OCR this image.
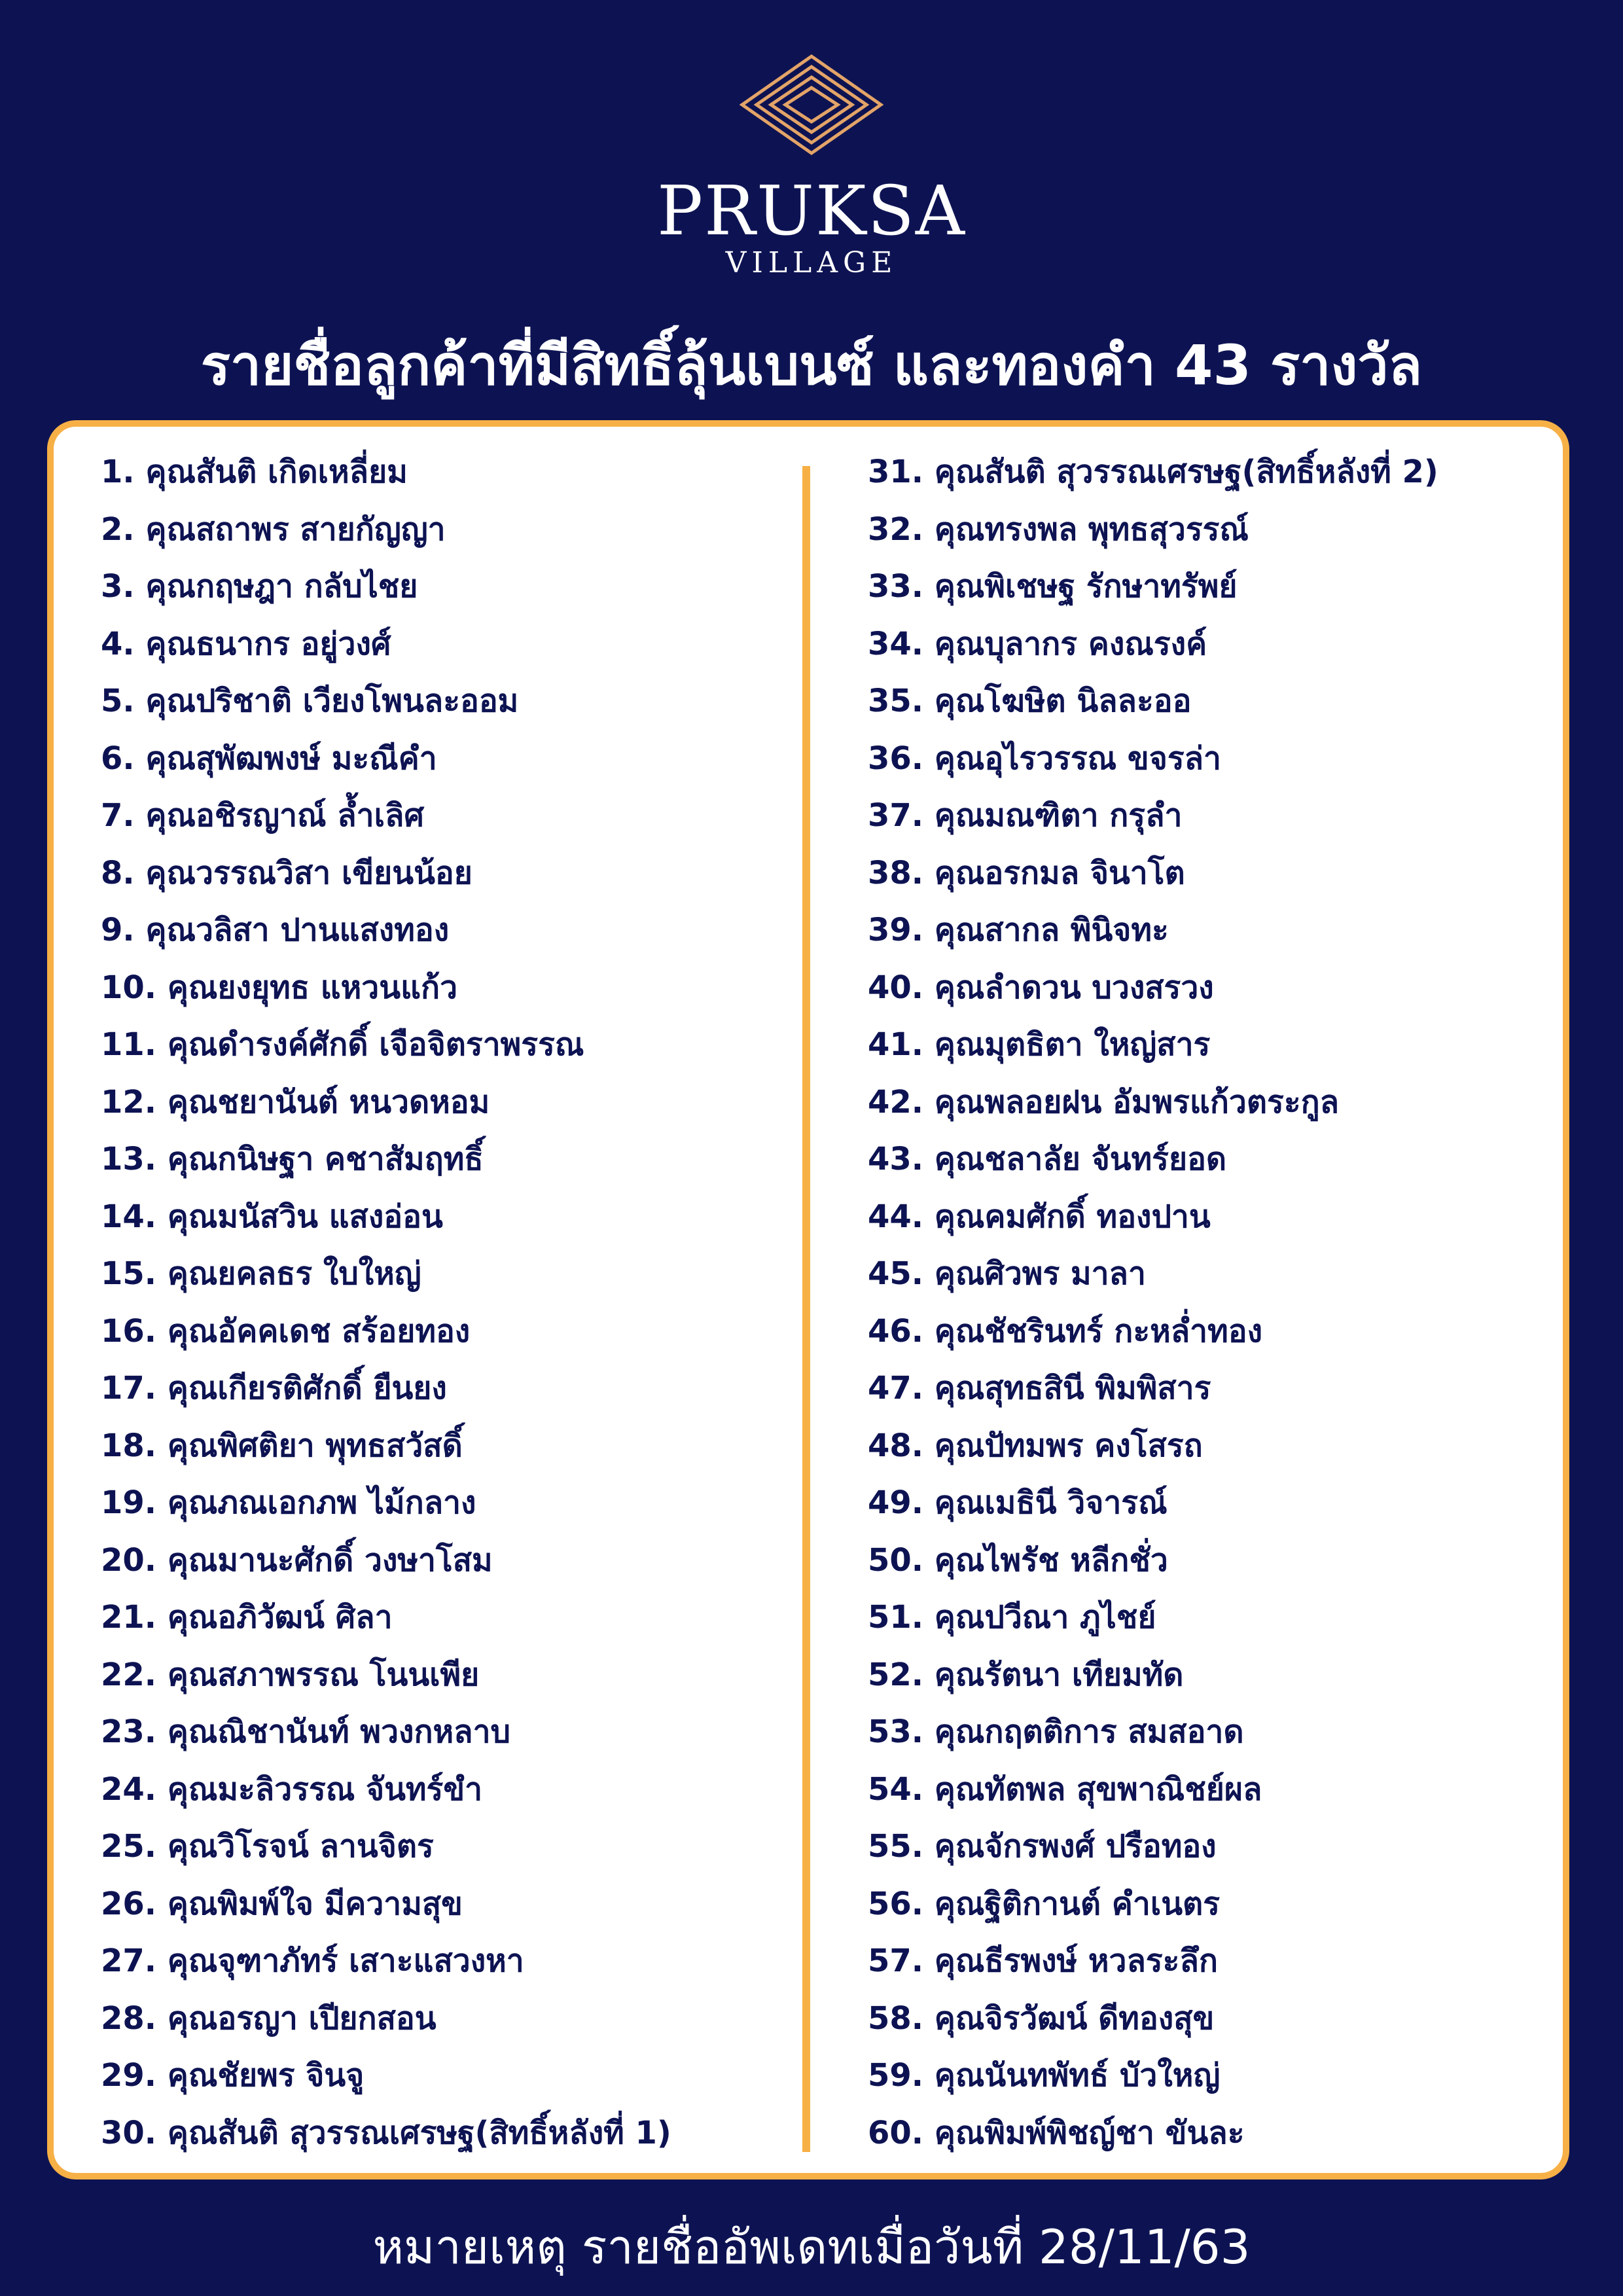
PRUKSA
VILLAGE
รายชื่อลูกค้าที่มีสิทธิ์ลุ้นเบนซ์ และทองคำ 43 รางวัล
1. คุณสันติ เกิดเหลี่ยม
2. คุณสถาพร สายกัญญา
3. คุณกฤษฎา กลับไชย
4. คุณธนากร อยู่วงศ์
5. คุณปริชาติ เวียงโพนละออม
6. คุณสุพัฒพงษ์ มะณีคำ
7. คุณอชิรญาณ์ ล้ำเลิศ
8. คุณวรรณวิสา เขียนน้อย
9. คุณวลิสา ปานแสงทอง
10. คุณยงยุทธ แหวนแก้ว
11. คุณดำรงค์ศักดิ์ เจือจิตราพรรณ
12. คุณชยานันต์ หนวดหอม
13. คุณกนิษฐา คชาสัมฤทธิ์
14. คุณมนัสวิน แสงอ่อน
15. คุณยคลธร ใบใหญ่
16. คุณอัคคเดช สร้อยทอง
17. คุณเกียรติศักดิ์ ยืนยง
18. คุณพิศติยา พุทธสวัสดิ์
19. คุณภณเอกภพ ไม้กลาง
20. คุณมานะศักดิ์ วงษาโสม
21. คุณอภิวัฒน์ ศิลา
22. คุณสภาพรรณ โนนเพีย
23. คุณณิชานันท์ พวงกหลาบ
24. คุณมะลิวรรณ จันทร์ขำ
25. คุณวิโรจน์ ลานจิตร
26. คุณพิมพ์ใจ มีความสุข
27. คุณจุฑาภัทร์ เสาะแสวงหา
28. คุณอรญา เปียกสอน
29. คุณชัยพร จินจู
30. คุณสันติ สุวรรณเศรษฐ(สิทธิ์หลังที่ 1)
31. คุณสันติ สุวรรณเศรษฐ(สิทธิ์หลังที่ 2)
32. คุณทรงพล พุทธสุวรรณ์
33. คุณพิเชษฐ รักษาทรัพย์
34. คุณบุลากร คงณรงค์
35. คุณโฆษิต นิลละออ
36. คุณอุไรวรรณ ขจรล่า
37. คุณมณฑิตา กรุลำ
38. คุณอรกมล จินาโต
39. คุณสากล พินิจทะ
40. คุณลำดวน บวงสรวง
41. คุณมุตธิตา ใหญ่สาร
42. คุณพลอยฝน อัมพรแก้วตระกูล
43. คุณชลาลัย จันทร์ยอด
44. คุณคมศักดิ์ ทองปาน
45. คุณศิวพร มาลา
46. คุณชัชรินทร์ กะหล่ำทอง
47. คุณสุทธสินี พิมพิสาร
48. คุณปัทมพร คงโสรถ
49. คุณเมธินี วิจารณ์
50. คุณไพรัช หลีกชั่ว
51. คุณปวีณา ภูไชย์
52. คุณรัตนา เทียมทัด
53. คุณกฤตติการ สมสอาด
54. คุณทัตพล สุขพาณิชย์ผล
55. คุณจักรพงศ์ ปรือทอง
56. คุณฐิติกานต์ คำเนตร
57. คุณธีรพงษ์ หวลระลึก
58. คุณจิรวัฒน์ ดีทองสุข
59. คุณนันทพัทธ์ บัวใหญ่
60. คุณพิมพ์พิชญ์ชา ขันละ
หมายเหตุ รายชื่ออัพเดทเมื่อวันที่ 28/11/63
